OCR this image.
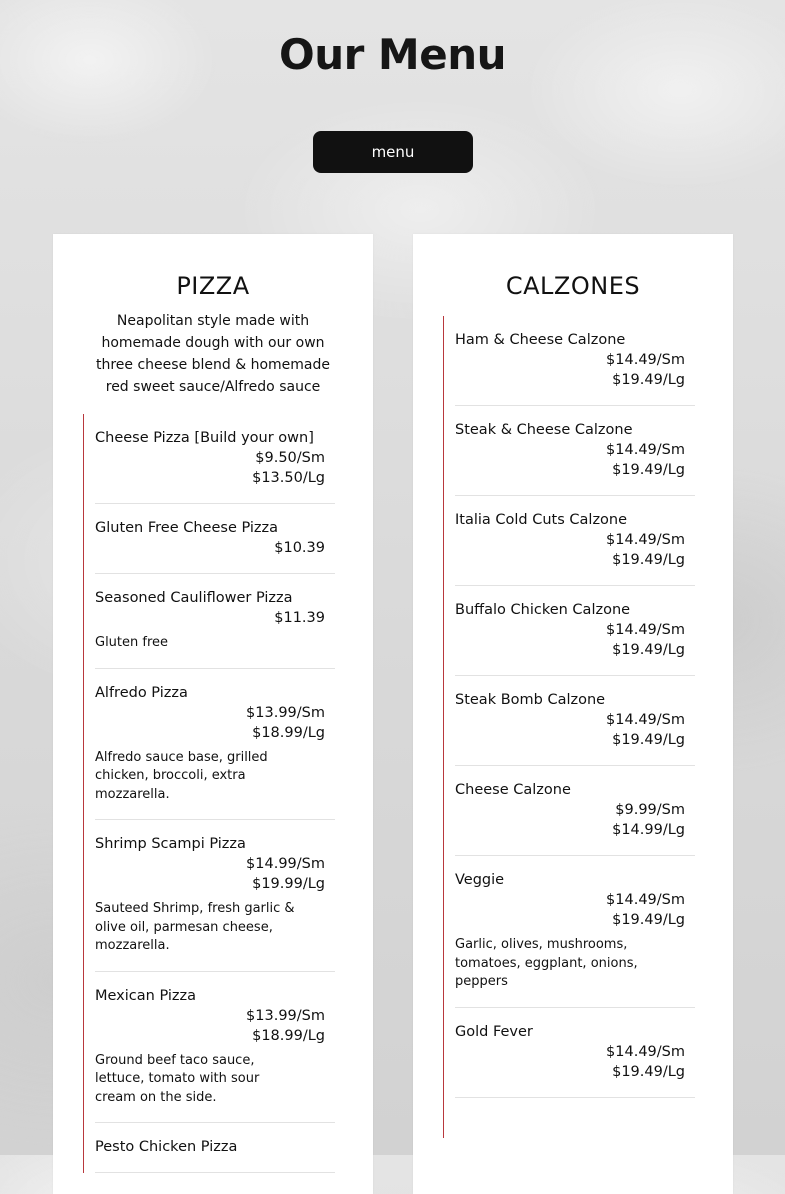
Our Menu
menu
PIZZA

Neapolitan style made with homemade dough with our own three cheese blend & homemade red sweet sauce/Alfredo sauce

Cheese Pizza [Build your own]
$9.50/Sm
$13.50/Lg
Gluten Free Cheese Pizza
$10.39
Seasoned Cauliflower Pizza
$11.39
Gluten free
Alfredo Pizza
$13.99/Sm
$18.99/Lg
Alfredo sauce base, grilled chicken, broccoli, extra mozzarella.
Shrimp Scampi Pizza
$14.99/Sm
$19.99/Lg
Sauteed Shrimp, fresh garlic & olive oil, parmesan cheese, mozzarella.
Mexican Pizza
$13.99/Sm
$18.99/Lg
Ground beef taco sauce, lettuce, tomato with sour cream on the side.
Pesto Chicken Pizza
CALZONES
Ham & Cheese Calzone
$14.49/Sm
$19.49/Lg
Steak & Cheese Calzone
$14.49/Sm
$19.49/Lg
Italia Cold Cuts Calzone
$14.49/Sm
$19.49/Lg
Buffalo Chicken Calzone
$14.49/Sm
$19.49/Lg
Steak Bomb Calzone
$14.49/Sm
$19.49/Lg
Cheese Calzone
$9.99/Sm
$14.99/Lg
Veggie
$14.49/Sm
$19.49/Lg
Garlic, olives, mushrooms, tomatoes, eggplant, onions, peppers
Gold Fever
$14.49/Sm
$19.49/Lg
